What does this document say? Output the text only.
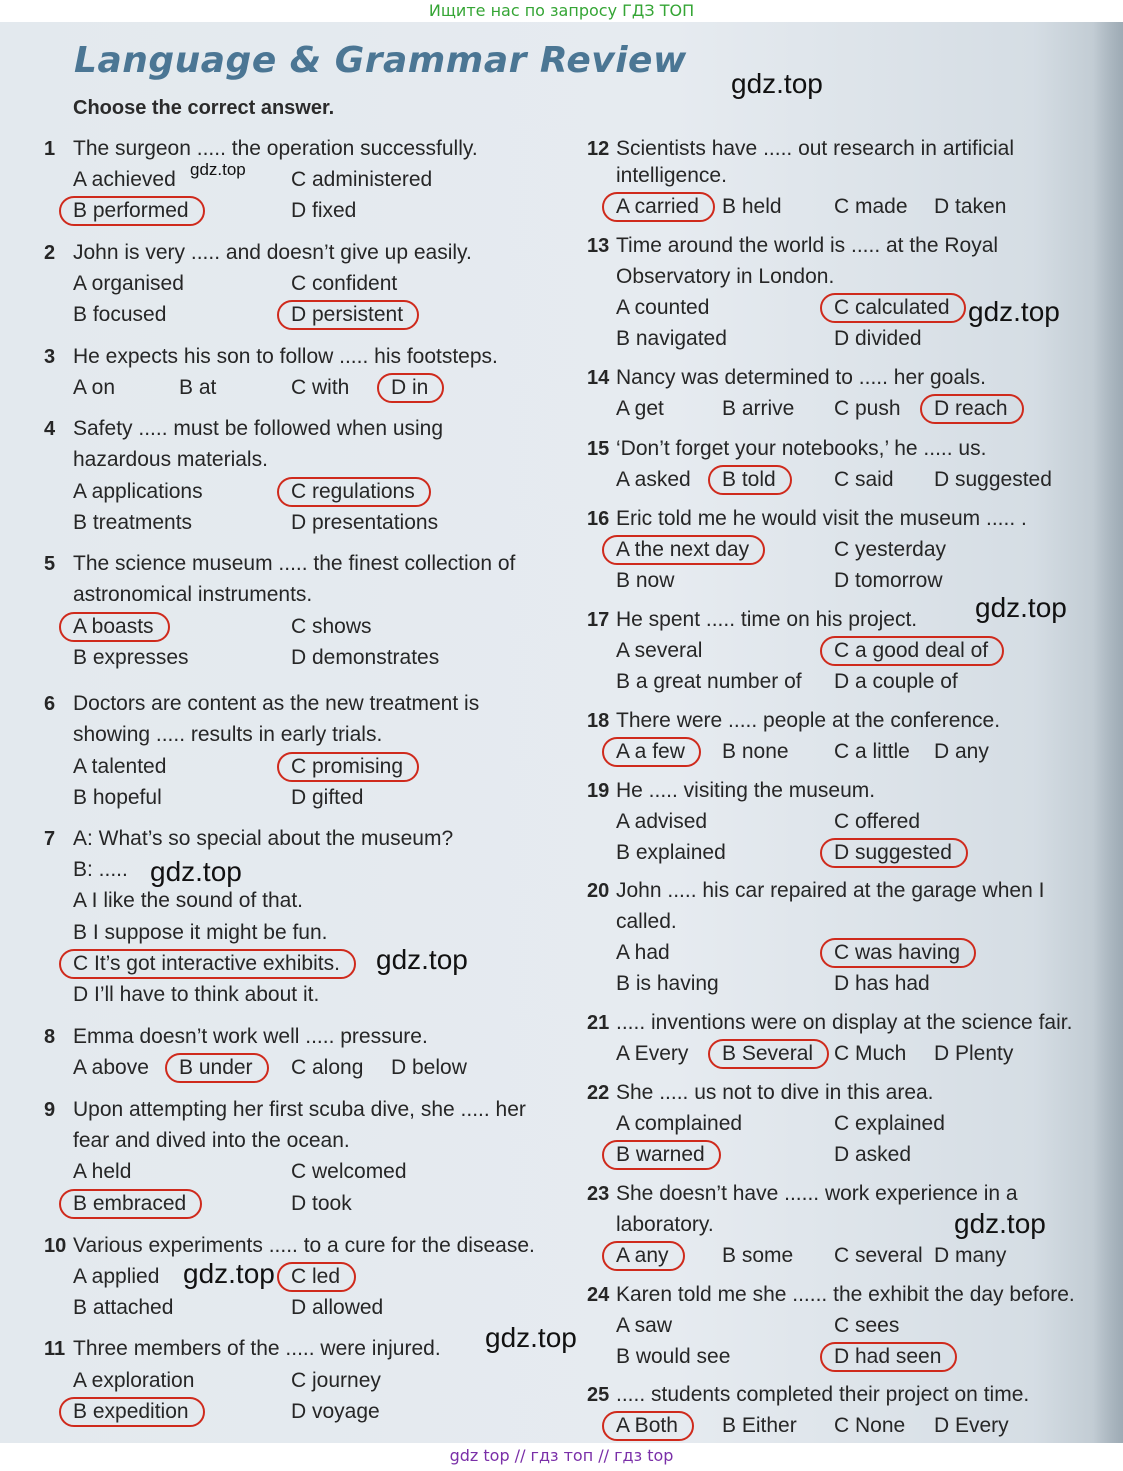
Ищите нас по запросу ГДЗ ТОП
Language & Grammar Review
Choose the correct answer.
1 The surgeon ..... the operation successfully.
A achieved
B performed
C administered
D fixed
2 John is very ..... and doesn’t give up easily.
A organised
B focused
C confident
D persistent
3 He expects his son to follow ..... his footsteps.
A on	B at	C with D in
4 Safety ..... must be followed when using
hazardous materials.
A applications
B treatments
C regulations
D presentations
5 The science museum ..... the finest collection of
astronomical instruments.
A boasts
B expresses
C shows
D demonstrates
6 Doctors are content as the new treatment is
showing ..... results in early trials.
A talented
B hopeful
C promising
D gifted
7 A: What’s so special about the museum?
B: .....
A I like the sound of that.
B I suppose it might be fun.
C It’s got interactive exhibits.
D I’ll have to think about it.
8 Emma doesn’t work well ..... pressure.
A above B under C along D below
9 Upon attempting her first scuba dive, she ..... her
fear and dived into the ocean.
A held
B embraced
C welcomed
D took
10 Various experiments ..... to a cure for the disease.
A applied
B attached
C led
D allowed
11 Three members of the ..... were injured.
A exploration
B expedition
C journey
D voyage
12 Scientists have ..... out research in artificial
intelligence.
A carried B held C made D taken
13 Time around the world is ..... at the Royal
Observatory in London.
A counted
B navigated
C calculated
D divided
14 Nancy was determined to ..... her goals.
A get	B arrive C push D reach
15 ‘Don’t forget your notebooks,’ he ..... us.
A asked B told	C said D suggested
16 Eric told me he would visit the museum ..... .
A the next day
B now
C yesterday
D tomorrow
17 He spent ..... time on his project.
A several
B a great number of
C a good deal of
D a couple of
18 There were ..... people at the conference.
A a few B none C a little D any
19 He ..... visiting the museum.
A advised
B explained
C offered
D suggested
20 John ..... his car repaired at the garage when I
called.
A had
B is having
C was having
D has had
21 ..... inventions were on display at the science fair.
A Every B Several C Much D Plenty
22 She ..... us not to dive in this area.
A complained
B warned
C explained
D asked
23 She doesn’t have ...... work experience in a
laboratory.
A any	B some C several D many
24 Karen told me she ...... the exhibit the day before.
A saw
B would see
C sees
D had seen
25 ..... students completed their project on time.
A Both B Either C None D Every
gdz.top
gdz.top
gdz.top
gdz.top
gdz.top
gdz.top
gdz.top
gdz.top
gdz.top
gdz top // гдз топ // гдз top
